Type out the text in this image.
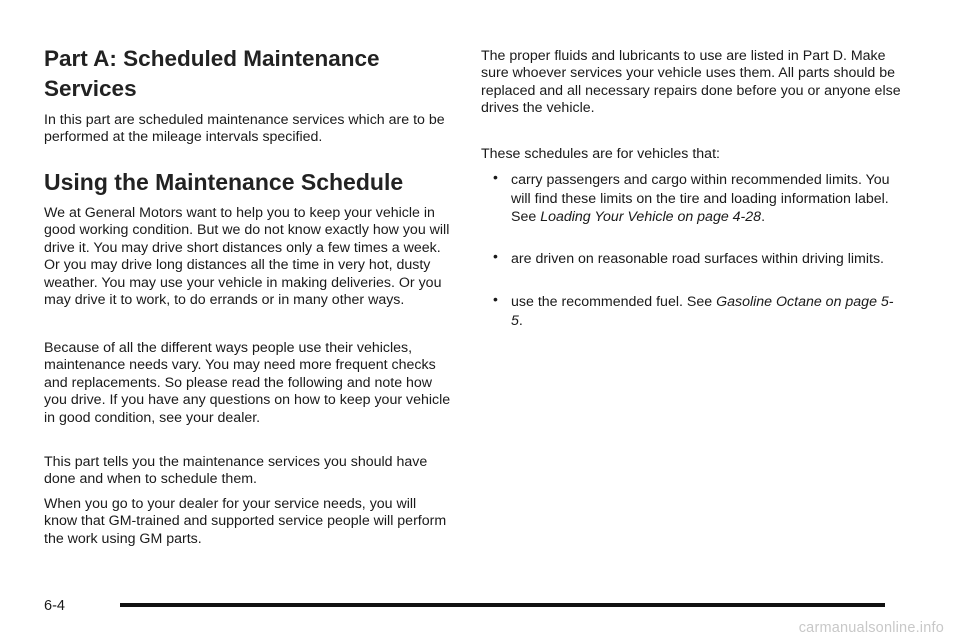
Part A: Scheduled Maintenance
Services

In this part are scheduled maintenance services which are to be performed at the mileage intervals specified.

Using the Maintenance Schedule

We at General Motors want to help you to keep your vehicle in good working condition. But we do not know exactly how you will drive it. You may drive short distances only a few times a week. Or you may drive long distances all the time in very hot, dusty weather. You may use your vehicle in making deliveries. Or you may drive it to work, to do errands or in many other ways.

Because of all the different ways people use their vehicles, maintenance needs vary. You may need more frequent checks and replacements. So please read the following and note how you drive. If you have any questions on how to keep your vehicle in good condition, see your dealer.

This part tells you the maintenance services you should have done and when to schedule them.

When you go to your dealer for your service needs, you will know that GM-trained and supported service people will perform the work using GM parts.

The proper fluids and lubricants to use are listed in Part D. Make sure whoever services your vehicle uses them. All parts should be replaced and all necessary repairs done before you or anyone else drives the vehicle.

These schedules are for vehicles that:

• carry passengers and cargo within recommended limits. You will find these limits on the tire and loading information label. See Loading Your Vehicle on page 4-28.

• are driven on reasonable road surfaces within driving limits.

• use the recommended fuel. See Gasoline Octane on page 5-5.

6-4
carmanualsonline.info
